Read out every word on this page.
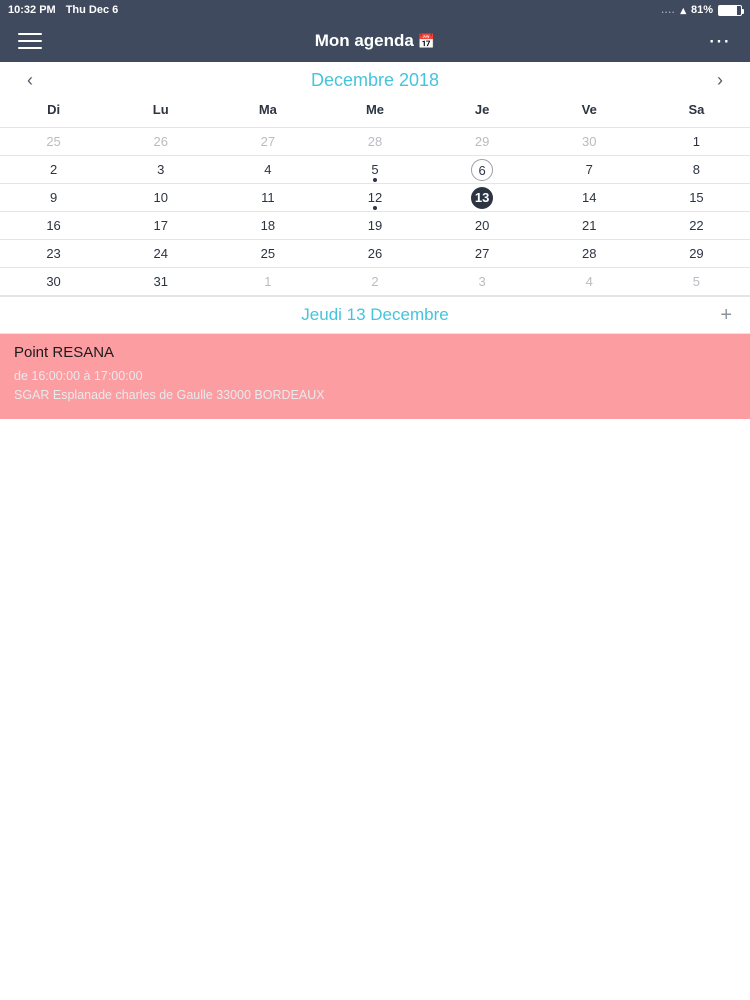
10:32 PM Thu Dec 6	.... ▴ 81%
Mon agenda 📅	⋯
‹	Decembre 2018	›
Di	Lu	Ma	Me	Je	Ve	Sa
25	26	27	28	29	30	1
2	3	4	5	6	7	8
9	10	11	12	13	14	15
16	17	18	19	20	21	22
23	24	25	26	27	28	29
30	31	1	2	3	4	5
Jeudi 13 Decembre	+
Point RESANA
de 16:00:00 à 17:00:00
SGAR Esplanade charles de Gaulle 33000 BORDEAUX
